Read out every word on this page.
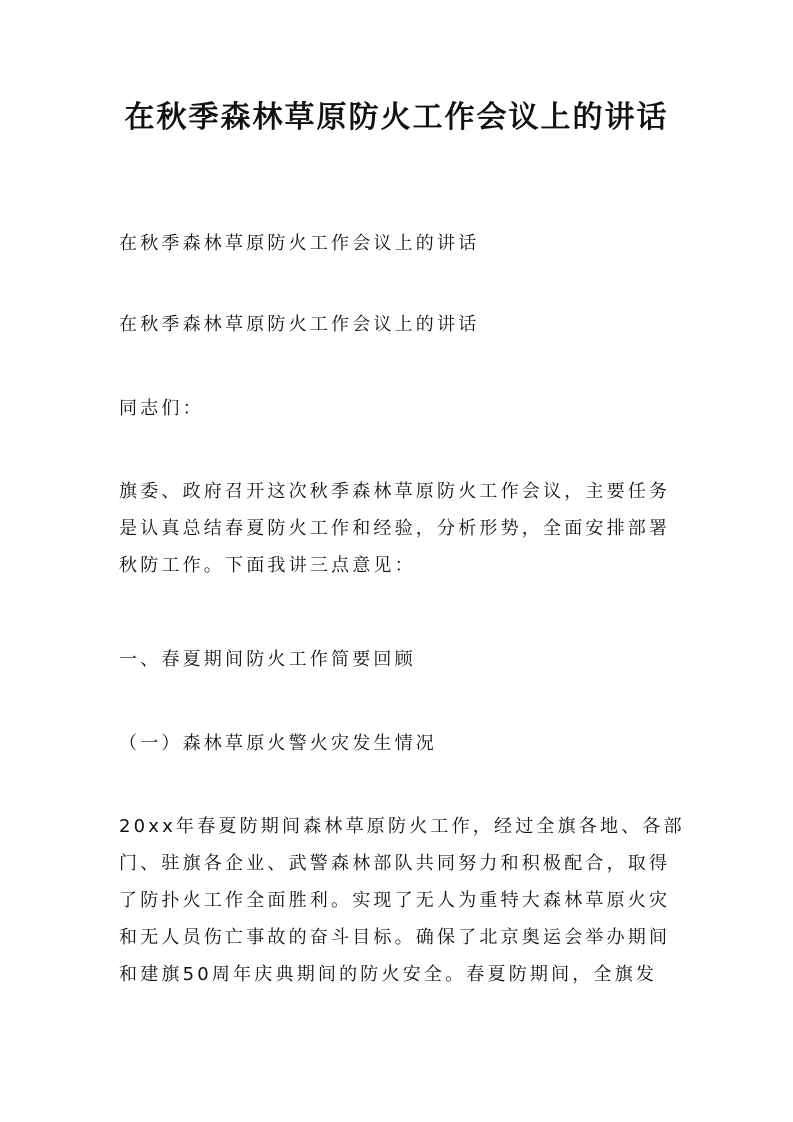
在秋季森林草原防火工作会议上的讲话

在秋季森林草原防火工作会议上的讲话

在秋季森林草原防火工作会议上的讲话

同志们：

旗委、政府召开这次秋季森林草原防火工作会议，主要任务
是认真总结春夏防火工作和经验，分析形势，全面安排部署
秋防工作。下面我讲三点意见：

一、春夏期间防火工作简要回顾

（一）森林草原火警火灾发生情况

20xx年春夏防期间森林草原防火工作，经过全旗各地、各部
门、驻旗各企业、武警森林部队共同努力和积极配合，取得
了防扑火工作全面胜利。实现了无人为重特大森林草原火灾
和无人员伤亡事故的奋斗目标。确保了北京奥运会举办期间
和建旗50周年庆典期间的防火安全。春夏防期间，全旗发
